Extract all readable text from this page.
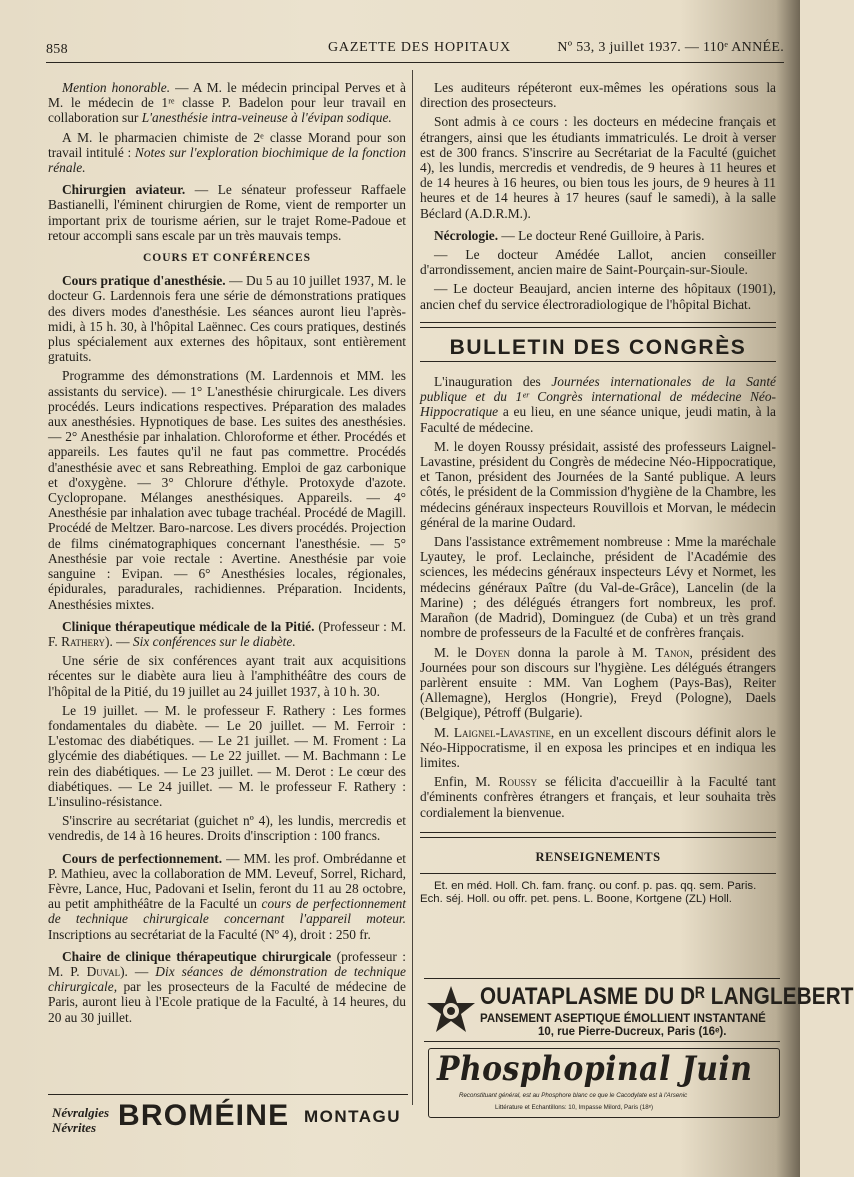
858	GAZETTE DES HOPITAUX	Nº 53, 3 juillet 1937. — 110ᵉ ANNÉE.

Mention honorable. — A M. le médecin principal Perves et à M. le médecin de 1ʳᵉ classe P. Badelon pour leur travail en collaboration sur L'anesthésie intra-veineuse à l'évipan sodique.

A M. le pharmacien chimiste de 2ᵉ classe Morand pour son travail intitulé : Notes sur l'exploration biochimique de la fonction rénale.

Chirurgien aviateur. — Le sénateur professeur Raffaele Bastianelli, l'éminent chirurgien de Rome, vient de remporter un important prix de tourisme aérien, sur le trajet Rome-Padoue et retour accompli sans escale par un très mauvais temps.

COURS ET CONFÉRENCES

Cours pratique d'anesthésie. — Du 5 au 10 juillet 1937, M. le docteur G. Lardennois fera une série de démonstrations pratiques des divers modes d'anesthésie. Les séances auront lieu l'après-midi, à 15 h. 30, à l'hôpital Laënnec. Ces cours pratiques, destinés plus spécialement aux externes des hôpitaux, sont entièrement gratuits.

Programme des démonstrations (M. Lardennois et MM. les assistants du service). — 1° L'anesthésie chirurgicale. Les divers procédés. Leurs indications respectives. Préparation des malades aux anesthésies. Hypnotiques de base. Les suites des anesthésies. — 2° Anesthésie par inhalation. Chloroforme et éther. Procédés et appareils. Les fautes qu'il ne faut pas commettre. Procédés d'anesthésie avec et sans Rebreathing. Emploi de gaz carbonique et d'oxygène. — 3° Chlorure d'éthyle. Protoxyde d'azote. Cyclopropane. Mélanges anesthésiques. Appareils. — 4° Anesthésie par inhalation avec tubage trachéal. Procédé de Magill. Procédé de Meltzer. Baro-narcose. Les divers procédés. Projection de films cinématographiques concernant l'anesthésie. — 5° Anesthésie par voie rectale : Avertine. Anesthésie par voie sanguine : Evipan. — 6° Anesthésies locales, régionales, épidurales, paradurales, rachidiennes. Préparation. Incidents, Anesthésies mixtes.

Clinique thérapeutique médicale de la Pitié. (Professeur : M. F. Rathery). — Six conférences sur le diabète.

Une série de six conférences ayant trait aux acquisitions récentes sur le diabète aura lieu à l'amphithéâtre des cours de l'hôpital de la Pitié, du 19 juillet au 24 juillet 1937, à 10 h. 30.

Le 19 juillet. — M. le professeur F. Rathery : Les formes fondamentales du diabète. — Le 20 juillet. — M. Ferroir : L'estomac des diabétiques. — Le 21 juillet. — M. Froment : La glycémie des diabétiques. — Le 22 juillet. — M. Bachmann : Le rein des diabétiques. — Le 23 juillet. — M. Derot : Le cœur des diabétiques. — Le 24 juillet. — M. le professeur F. Rathery : L'insulino-résistance.

S'inscrire au secrétariat (guichet nº 4), les lundis, mercredis et vendredis, de 14 à 16 heures. Droits d'inscription : 100 francs.

Cours de perfectionnement. — MM. les prof. Ombrédanne et P. Mathieu, avec la collaboration de MM. Leveuf, Sorrel, Richard, Fèvre, Lance, Huc, Padovani et Iselin, feront du 11 au 28 octobre, au petit amphithéâtre de la Faculté un cours de perfectionnement de technique chirurgicale concernant l'appareil moteur. Inscriptions au secrétariat de la Faculté (Nº 4), droit : 250 fr.

Chaire de clinique thérapeutique chirurgicale (professeur : M. P. Duval). — Dix séances de démonstration de technique chirurgicale, par les prosecteurs de la Faculté de médecine de Paris, auront lieu à l'Ecole pratique de la Faculté, à 14 heures, du 20 au 30 juillet.

Les auditeurs répéteront eux-mêmes les opérations sous la direction des prosecteurs.

Sont admis à ce cours : les docteurs en médecine français et étrangers, ainsi que les étudiants immatriculés. Le droit à verser est de 300 francs. S'inscrire au Secrétariat de la Faculté (guichet 4), les lundis, mercredis et vendredis, de 9 heures à 11 heures et de 14 heures à 16 heures, ou bien tous les jours, de 9 heures à 11 heures et de 14 heures à 17 heures (sauf le samedi), à la salle Béclard (A.D.R.M.).

Nécrologie. — Le docteur René Guilloire, à Paris.

— Le docteur Amédée Lallot, ancien conseiller d'arrondissement, ancien maire de Saint-Pourçain-sur-Sioule.

— Le docteur Beaujard, ancien interne des hôpitaux (1901), ancien chef du service électroradiologique de l'hôpital Bichat.

BULLETIN DES CONGRÈS

L'inauguration des Journées internationales de la Santé publique et du 1ᵉʳ Congrès international de médecine Néo-Hippocratique a eu lieu, en une séance unique, jeudi matin, à la Faculté de médecine.

M. le doyen Roussy présidait, assisté des professeurs Laignel-Lavastine, président du Congrès de médecine Néo-Hippocratique, et Tanon, président des Journées de la Santé publique. A leurs côtés, le président de la Commission d'hygiène de la Chambre, les médecins généraux inspecteurs Rouvillois et Morvan, le médecin général de la marine Oudard.

Dans l'assistance extrêmement nombreuse : Mme la maréchale Lyautey, le prof. Leclainche, président de l'Académie des sciences, les médecins généraux inspecteurs Lévy et Normet, les médecins généraux Paître (du Val-de-Grâce), Lancelin (de la Marine) ; des délégués étrangers fort nombreux, les prof. Marañon (de Madrid), Dominguez (de Cuba) et un très grand nombre de professeurs de la Faculté et de confrères français.

M. le Doyen donna la parole à M. Tanon, président des Journées pour son discours sur l'hygiène. Les délégués étrangers parlèrent ensuite : MM. Van Loghem (Pays-Bas), Reiter (Allemagne), Herglos (Hongrie), Freyd (Pologne), Daels (Belgique), Pétroff (Bulgarie).

M. Laignel-Lavastine, en un excellent discours définit alors le Néo-Hippocratisme, il en exposa les principes et en indiqua les limites.

Enfin, M. Roussy se félicita d'accueillir à la Faculté tant d'éminents confrères étrangers et français, et leur souhaita très cordialement la bienvenue.

RENSEIGNEMENTS

Et. en méd. Holl. Ch. fam. franç. ou conf. p. pas. qq. sem. Paris. Ech. séj. Holl. ou offr. pet. pens. L. Boone, Kortgene (ZL) Holl.

OUATAPLASME DU Dᴿ LANGLEBERT
PANSEMENT ASEPTIQUE ÉMOLLIENT INSTANTANÉ
10, rue Pierre-Ducreux, Paris (16ᵉ).
Phosphopinal Juin
Reconstituant général, est au Phosphore blanc ce que le Cacodylate est à l'Arsenic
Littérature et Echantillons: 10, Impasse Milord, Paris (18ᵉ)
Névralgies
Névrites BROMÉINE MONTAGU
